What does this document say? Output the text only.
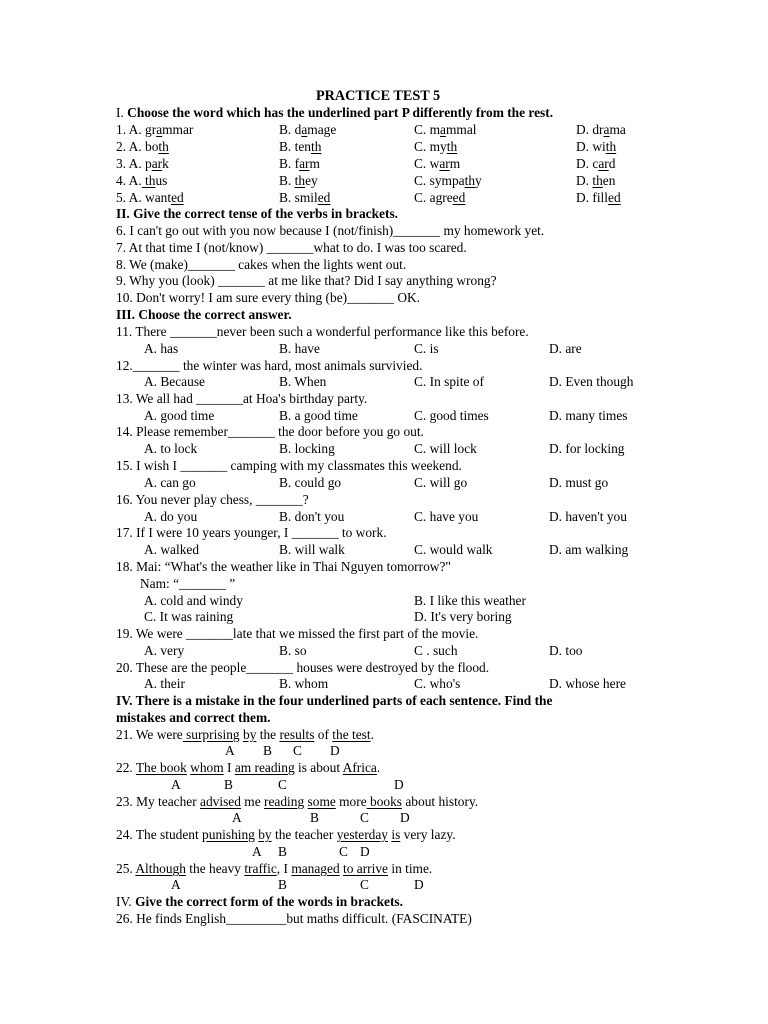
PRACTICE TEST 5
I. Choose the word which has the underlined part P differently from the rest.
1. A. grammar	B. damage	C. mammal	D. drama
2. A. both	B. tenth	C. myth	D. with
3. A. park	B. farm	C. warm	D. card
4. A. thus	B. they	C. sympathy	D. then
5. A. wanted	B. smiled	C. agreed	D. filled
II. Give the correct tense of the verbs in brackets.
6. I can't go out with you now because I (not/finish)_______ my homework yet.
7. At that time I (not/know) _______what to do. I was too scared.
8. We (make)_______ cakes when the lights went out.
9. Why you (look) _______ at me like that? Did I say anything wrong?
10. Don't worry! I am sure every thing (be)_______ OK.
III. Choose the correct answer.
11. There _______never been such a wonderful performance like this before.
A. has	B. have	C. is	D. are
12._______ the winter was hard, most animals survivied.
A. Because	B. When	C. In spite of	D. Even though
13. We all had _______at Hoa's birthday party.
A. good time	B. a good time	C. good times	D. many times
14. Please remember_______ the door before you go out.
A. to lock	B. locking	C. will lock	D. for locking
15. I wish I _______ camping with my classmates this weekend.
A. can go	B. could go	C. will go	D. must go
16. You never play chess, _______?
A. do you	B. don't you	C. have you	D. haven't you
17. If I were 10 years younger, I _______ to work.
A. walked	B. will walk	C. would walk	D. am walking
18. Mai: “What's the weather like in Thai Nguyen tomorrow?"
Nam: “_______ ”
A. cold and windy	B. I like this weather
C. It was raining	D. It's very boring
19. We were _______late that we missed the first part of the movie.
A. very	B. so	C . such	D. too
20. These are the people_______ houses were destroyed by the flood.
A. their	B. whom	C. who's	D. whose here
IV. There is a mistake in the four underlined parts of each sentence. Find the
mistakes and correct them.
21. We were surprising by the results of the test.
A B C D
22. The book whom I am reading is about Africa.
A	B	C	D
23. My teacher advised me reading some more books about history.
A	B	C D
24. The student punishing by the teacher yesterday is very lazy.
A B	C D
25. Although the heavy traffic, I managed to arrive in time.
A	B	C	D
IV. Give the correct form of the words in brackets.
26. He finds English_________but maths difficult. (FASCINATE)
